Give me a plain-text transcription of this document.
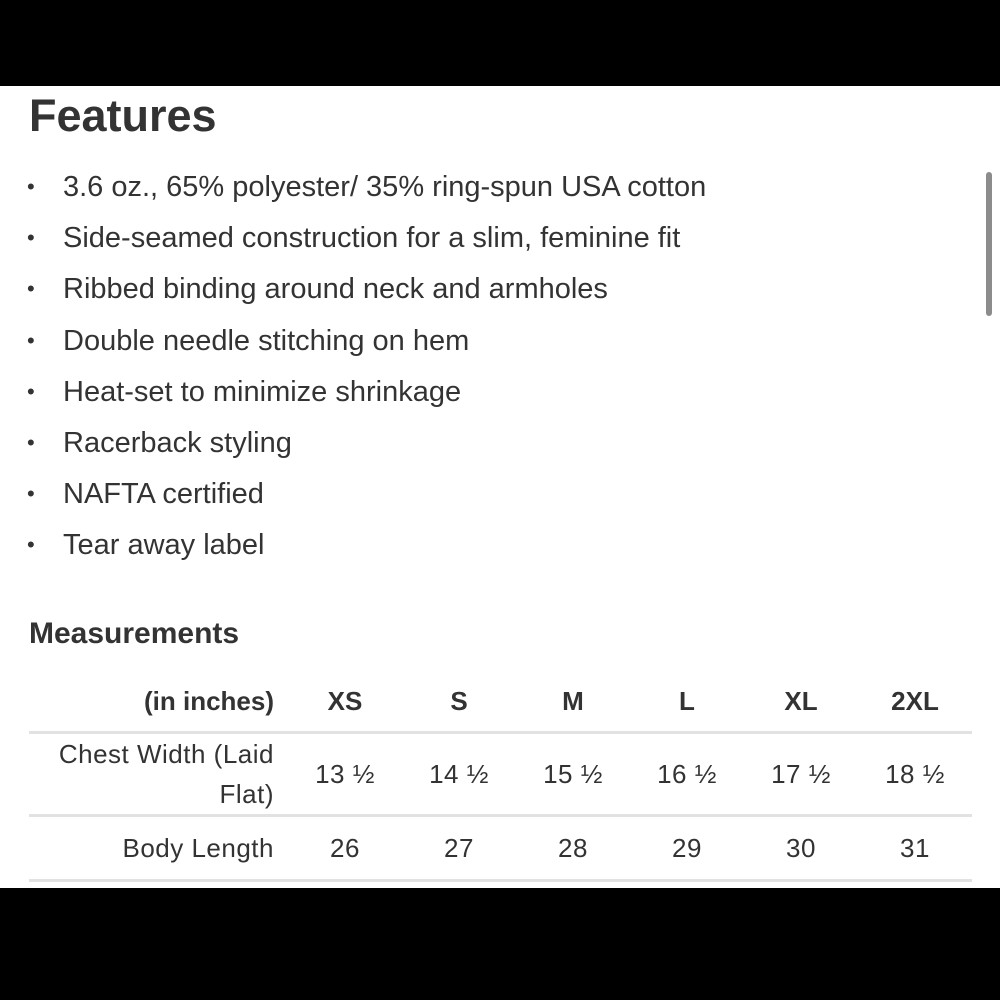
Features
• 3.6 oz., 65% polyester/ 35% ring-spun USA cotton
• Side-seamed construction for a slim, feminine fit
• Ribbed binding around neck and armholes
• Double needle stitching on hem
• Heat-set to minimize shrinkage
• Racerback styling
• NAFTA certified
• Tear away label
Measurements
(in inches)	XS	S	M	L	XL	2XL
Chest Width (Laid
Flat)	13 ½	14 ½	15 ½	16 ½	17 ½	18 ½
Body Length	26	27	28	29	30	31
